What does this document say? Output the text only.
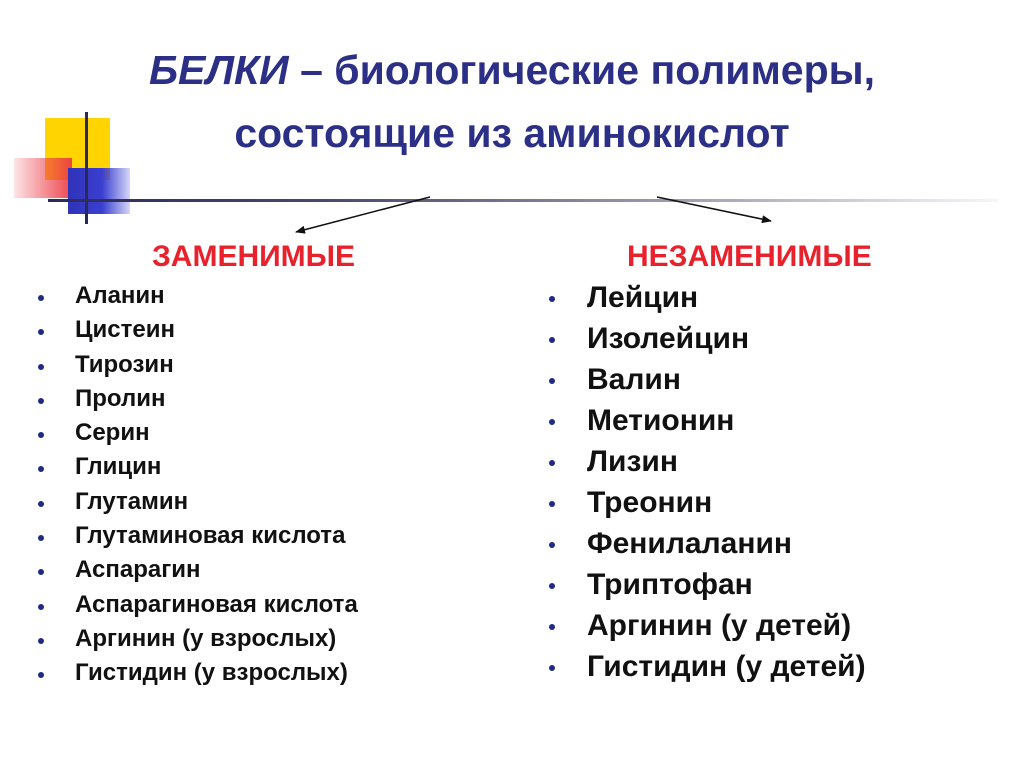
БЕЛКИ – биологические полимеры,
состоящие из аминокислот
ЗАМЕНИМЫЕ	НЕЗАМЕНИМЫЕ
Аланин
Цистеин
Тирозин
Пролин
Серин
Глицин
Глутамин
Глутаминовая кислота
Аспарагин
Аспарагиновая кислота
Аргинин (у взрослых)
Гистидин (у взрослых)
Лейцин
Изолейцин
Валин
Метионин
Лизин
Треонин
Фенилаланин
Триптофан
Аргинин (у детей)
Гистидин (у детей)
